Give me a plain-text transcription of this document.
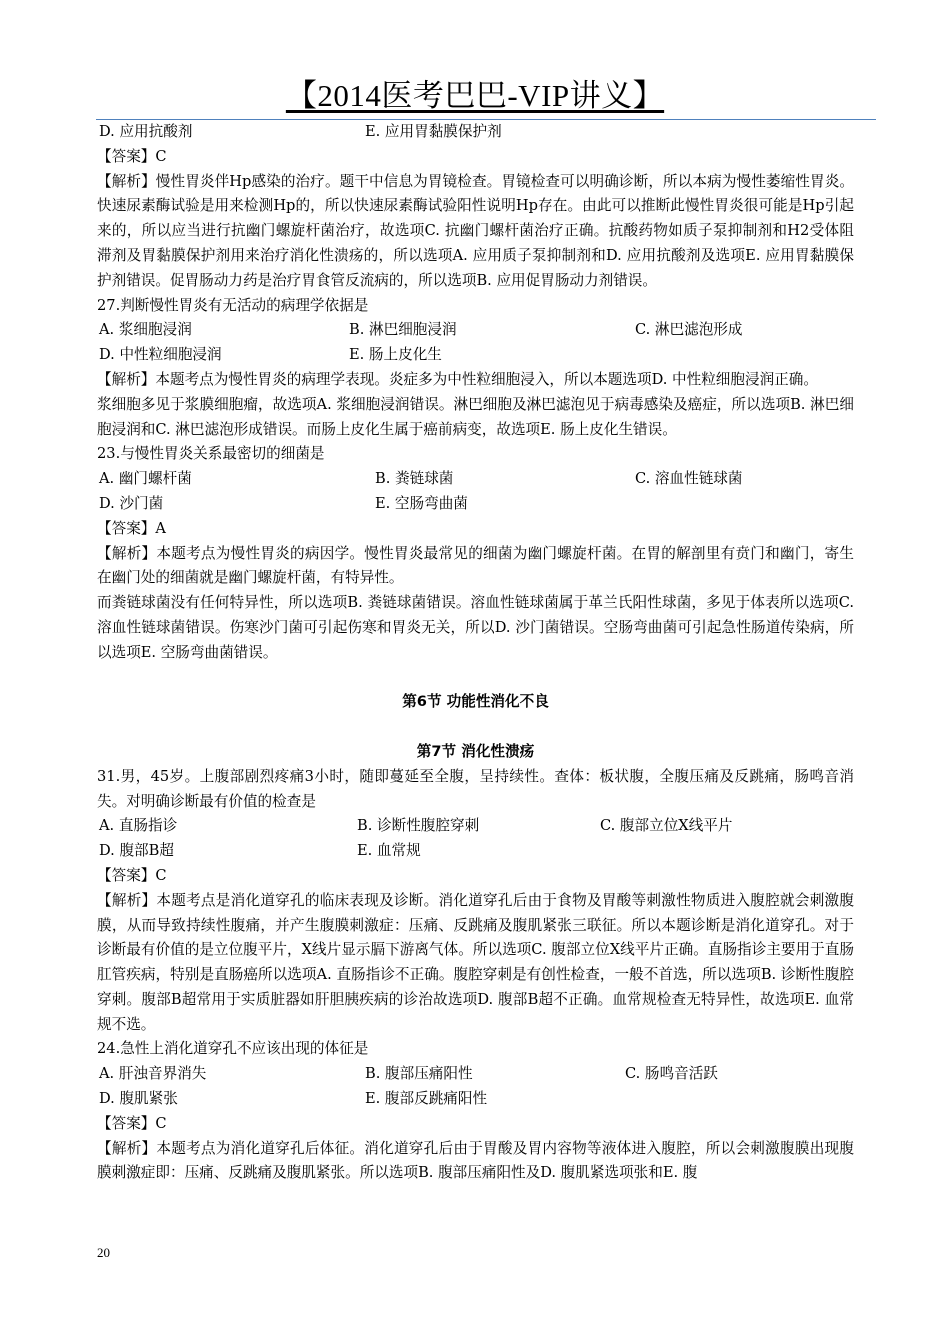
【2014医考巴巴-VIP讲义】
D. 应用抗酸剂	E. 应用胃黏膜保护剂
【答案】C

【解析】慢性胃炎伴Hp感染的治疗。题干中信息为胃镜检查。胃镜检查可以明确诊断，所以本病为慢性萎缩性胃炎。快速尿素酶试验是用来检测Hp的，所以快速尿素酶试验阳性说明Hp存在。由此可以推断此慢性胃炎很可能是Hp引起来的，所以应当进行抗幽门螺旋杆菌治疗，故选项C. 抗幽门螺杆菌治疗正确。抗酸药物如质子泵抑制剂和H2受体阻滞剂及胃黏膜保护剂用来治疗消化性溃疡的，所以选项A. 应用质子泵抑制剂和D. 应用抗酸剂及选项E. 应用胃黏膜保护剂错误。促胃肠动力药是治疗胃食管反流病的，所以选项B. 应用促胃肠动力剂错误。

27.判断慢性胃炎有无活动的病理学依据是
A. 浆细胞浸润	B. 淋巴细胞浸润	C. 淋巴滤泡形成
D. 中性粒细胞浸润	E. 肠上皮化生

【解析】本题考点为慢性胃炎的病理学表现。炎症多为中性粒细胞浸入，所以本题选项D. 中性粒细胞浸润正确。

浆细胞多见于浆膜细胞瘤，故选项A. 浆细胞浸润错误。淋巴细胞及淋巴滤泡见于病毒感染及癌症，所以选项B. 淋巴细胞浸润和C. 淋巴滤泡形成错误。而肠上皮化生属于癌前病变，故选项E. 肠上皮化生错误。

23.与慢性胃炎关系最密切的细菌是
A. 幽门螺杆菌	B. 粪链球菌	C. 溶血性链球菌
D. 沙门菌	E. 空肠弯曲菌
【答案】A

【解析】本题考点为慢性胃炎的病因学。慢性胃炎最常见的细菌为幽门螺旋杆菌。在胃的解剖里有贲门和幽门，寄生在幽门处的细菌就是幽门螺旋杆菌，有特异性。

而粪链球菌没有任何特异性，所以选项B. 粪链球菌错误。溶血性链球菌属于革兰氏阳性球菌，多见于体表所以选项C. 溶血性链球菌错误。伤寒沙门菌可引起伤寒和胃炎无关，所以D. 沙门菌错误。空肠弯曲菌可引起急性肠道传染病，所以选项E. 空肠弯曲菌错误。

第6节 功能性消化不良
第7节 消化性溃疡

31.男，45岁。上腹部剧烈疼痛3小时，随即蔓延至全腹，呈持续性。查体：板状腹，全腹压痛及反跳痛，肠鸣音消失。对明确诊断最有价值的检查是

A. 直肠指诊	B. 诊断性腹腔穿刺	C. 腹部立位X线平片
D. 腹部B超	E. 血常规
【答案】C

【解析】本题考点是消化道穿孔的临床表现及诊断。消化道穿孔后由于食物及胃酸等刺激性物质进入腹腔就会刺激腹膜，从而导致持续性腹痛，并产生腹膜刺激症：压痛、反跳痛及腹肌紧张三联征。所以本题诊断是消化道穿孔。对于诊断最有价值的是立位腹平片，X线片显示膈下游离气体。所以选项C. 腹部立位X线平片正确。直肠指诊主要用于直肠肛管疾病，特别是直肠癌所以选项A. 直肠指诊不正确。腹腔穿刺是有创性检查，一般不首选，所以选项B. 诊断性腹腔穿刺。腹部B超常用于实质脏器如肝胆胰疾病的诊治故选项D. 腹部B超不正确。血常规检查无特异性，故选项E. 血常规不选。

24.急性上消化道穿孔不应该出现的体征是
A. 肝浊音界消失	B. 腹部压痛阳性	C. 肠鸣音活跃
D. 腹肌紧张	E. 腹部反跳痛阳性
【答案】C

【解析】本题考点为消化道穿孔后体征。消化道穿孔后由于胃酸及胃内容物等液体进入腹腔，所以会刺激腹膜出现腹膜刺激症即：压痛、反跳痛及腹肌紧张。所以选项B. 腹部压痛阳性及D. 腹肌紧选项张和E. 腹

20
